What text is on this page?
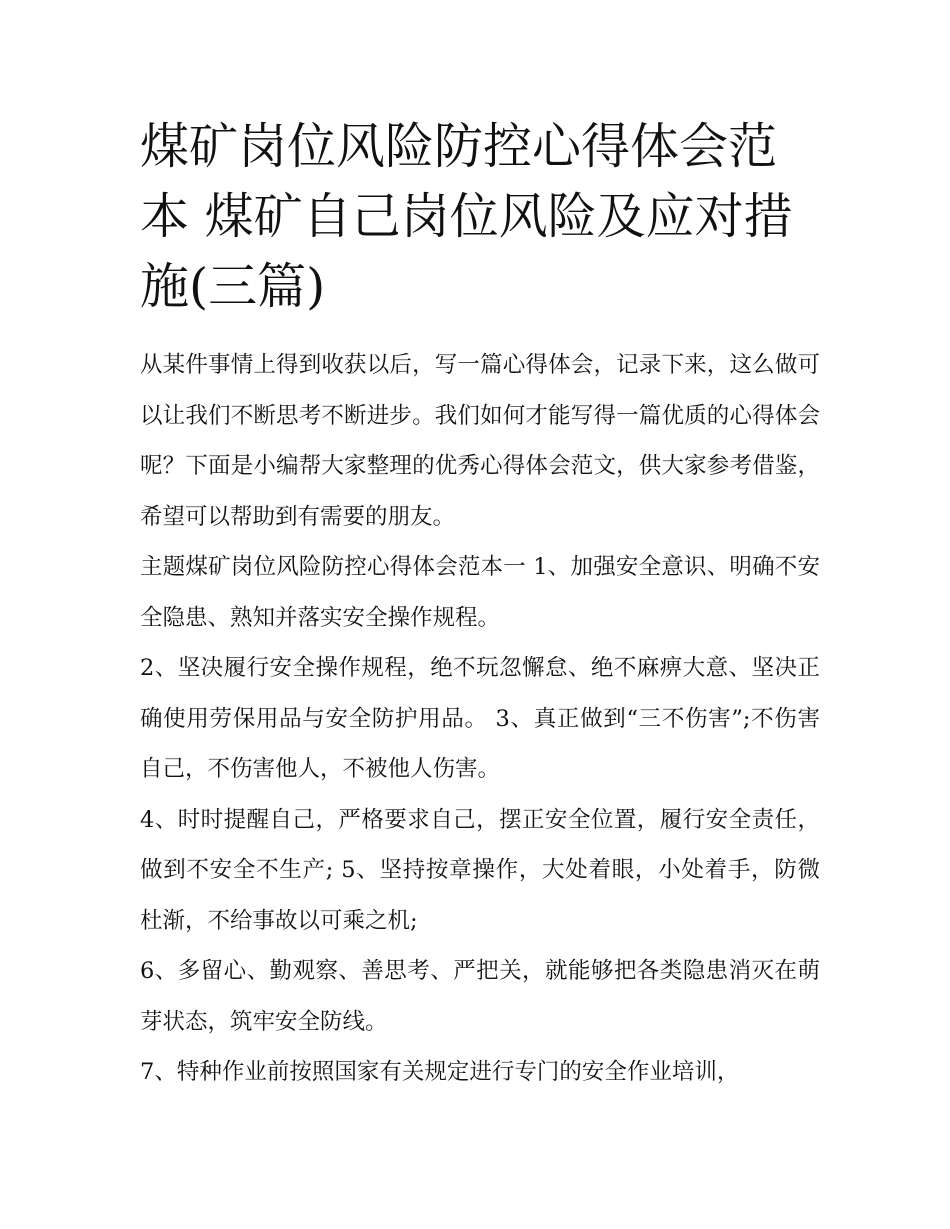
煤矿岗位风险防控心得体会范本 煤矿自己岗位风险及应对措施(三篇)

从某件事情上得到收获以后，写一篇心得体会，记录下来，这么做可以让我们不断思考不断进步。我们如何才能写得一篇优质的心得体会呢？下面是小编帮大家整理的优秀心得体会范文，供大家参考借鉴，希望可以帮助到有需要的朋友。

主题煤矿岗位风险防控心得体会范本一 1、加强安全意识、明确不安全隐患、熟知并落实安全操作规程。

2、坚决履行安全操作规程，绝不玩忽懈怠、绝不麻痹大意、坚决正确使用劳保用品与安全防护用品。 3、真正做到“三不伤害”;不伤害自己，不伤害他人，不被他人伤害。

4、时时提醒自己，严格要求自己，摆正安全位置，履行安全责任，做到不安全不生产; 5、坚持按章操作，大处着眼，小处着手，防微杜渐，不给事故以可乘之机;

6、多留心、勤观察、善思考、严把关，就能够把各类隐患消灭在萌芽状态，筑牢安全防线。

7、特种作业前按照国家有关规定进行专门的安全作业培训，
